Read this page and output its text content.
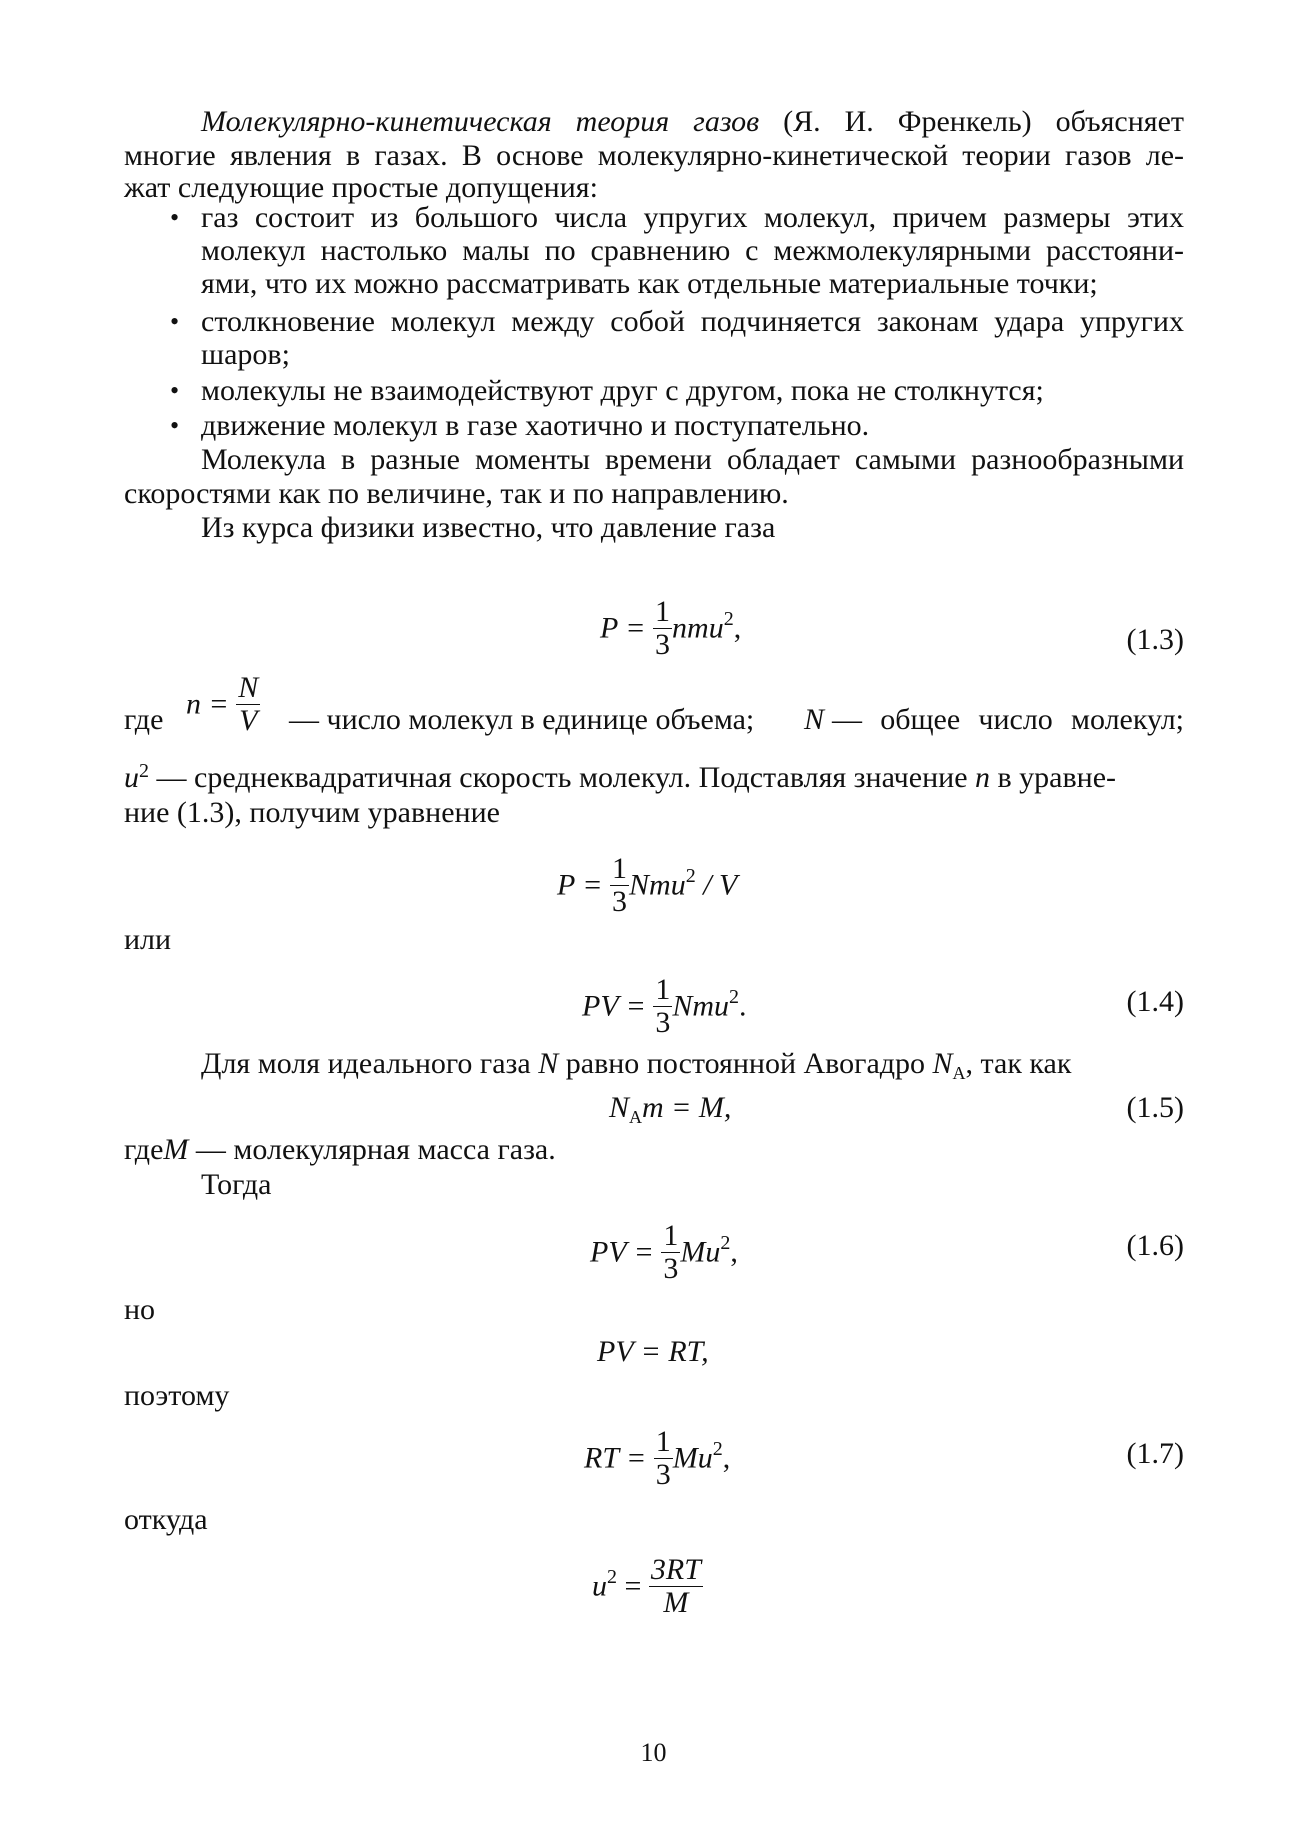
Молекулярно-кинетическая теория газов (Я. И. Френкель) объясняет
многие явления в газах. В основе молекулярно-кинетической теории газов ле-
жат следующие простые допущения:
• газ состоит из большого числа упругих молекул, причем размеры этих
молекул настолько малы по сравнению с межмолекулярными расстояни-
ями, что их можно рассматривать как отдельные материальные точки;
• столкновение молекул между собой подчиняется законам удара упругих
шаров;
• молекулы не взаимодействуют друг с другом, пока не столкнутся;
• движение молекул в газе хаотично и поступательно.
Молекула в разные моменты времени обладает самыми разнообразными
скоростями как по величине, так и по направлению.
Из курса физики известно, что давление газа
$P = \frac{1}{3} nmu^2$,	(1.3)
где $n = \frac{N}{V}$ — число молекул в единице объема; N — общее число молекул;
$u^2$ — среднеквадратичная скорость молекул. Подставляя значение n в уравне-
ние (1.3), получим уравнение
$P = \frac{1}{3} Nmu^2 / V$
или
PV = $\frac{1}{3} Nmu^2$.	(1.4)
Для моля идеального газа N равно постоянной Авогадро $N_A$, так как
$N_Am = M$,	(1.5)
гдеM — молекулярная масса газа.
Тогда
PV = $\frac{1}{3} Mu^2$,	(1.6)
но
PV = RT,
поэтому
RT = $\frac{1}{3} Mu^2$,	(1.7)
откуда
$u^2 = \frac{3RT}{M}$
10
